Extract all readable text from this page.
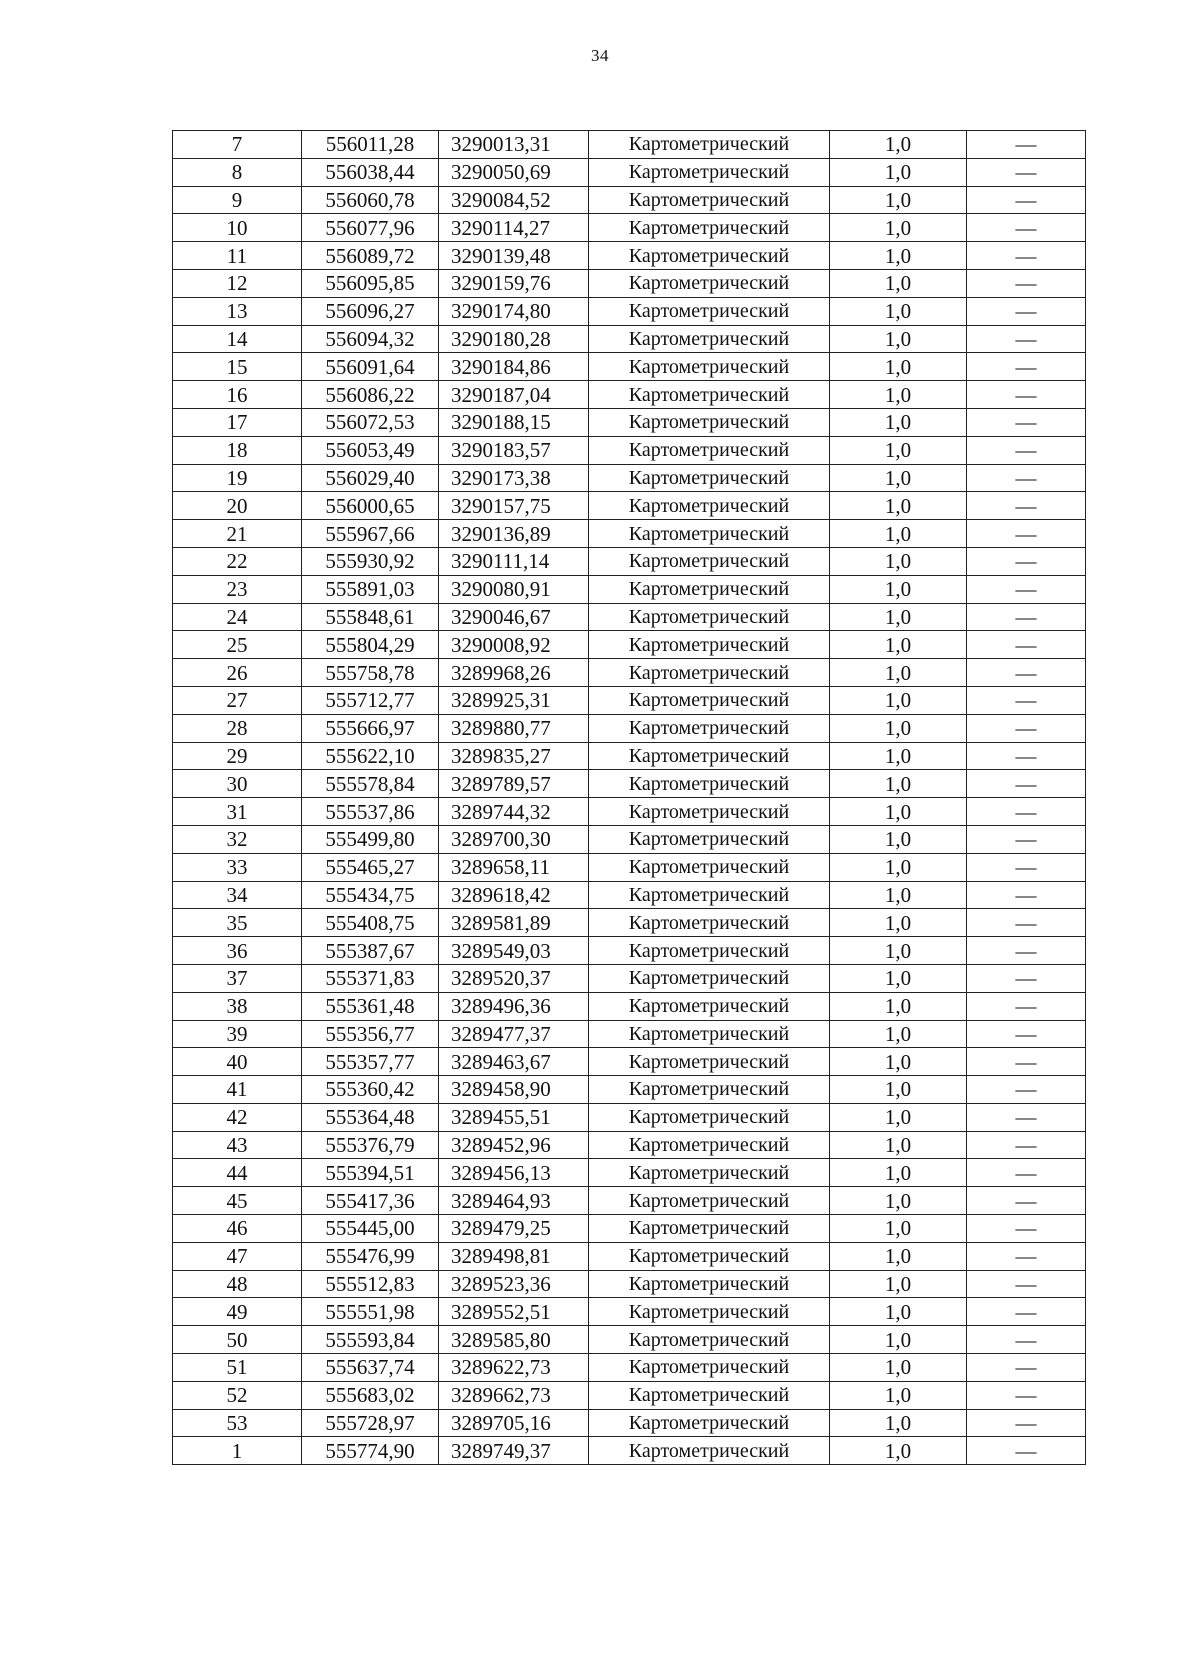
34
7	556011,28	3290013,31	Картометрический	1,0	—
8	556038,44	3290050,69	Картометрический	1,0	—
9	556060,78	3290084,52	Картометрический	1,0	—
10	556077,96	3290114,27	Картометрический	1,0	—
11	556089,72	3290139,48	Картометрический	1,0	—
12	556095,85	3290159,76	Картометрический	1,0	—
13	556096,27	3290174,80	Картометрический	1,0	—
14	556094,32	3290180,28	Картометрический	1,0	—
15	556091,64	3290184,86	Картометрический	1,0	—
16	556086,22	3290187,04	Картометрический	1,0	—
17	556072,53	3290188,15	Картометрический	1,0	—
18	556053,49	3290183,57	Картометрический	1,0	—
19	556029,40	3290173,38	Картометрический	1,0	—
20	556000,65	3290157,75	Картометрический	1,0	—
21	555967,66	3290136,89	Картометрический	1,0	—
22	555930,92	3290111,14	Картометрический	1,0	—
23	555891,03	3290080,91	Картометрический	1,0	—
24	555848,61	3290046,67	Картометрический	1,0	—
25	555804,29	3290008,92	Картометрический	1,0	—
26	555758,78	3289968,26	Картометрический	1,0	—
27	555712,77	3289925,31	Картометрический	1,0	—
28	555666,97	3289880,77	Картометрический	1,0	—
29	555622,10	3289835,27	Картометрический	1,0	—
30	555578,84	3289789,57	Картометрический	1,0	—
31	555537,86	3289744,32	Картометрический	1,0	—
32	555499,80	3289700,30	Картометрический	1,0	—
33	555465,27	3289658,11	Картометрический	1,0	—
34	555434,75	3289618,42	Картометрический	1,0	—
35	555408,75	3289581,89	Картометрический	1,0	—
36	555387,67	3289549,03	Картометрический	1,0	—
37	555371,83	3289520,37	Картометрический	1,0	—
38	555361,48	3289496,36	Картометрический	1,0	—
39	555356,77	3289477,37	Картометрический	1,0	—
40	555357,77	3289463,67	Картометрический	1,0	—
41	555360,42	3289458,90	Картометрический	1,0	—
42	555364,48	3289455,51	Картометрический	1,0	—
43	555376,79	3289452,96	Картометрический	1,0	—
44	555394,51	3289456,13	Картометрический	1,0	—
45	555417,36	3289464,93	Картометрический	1,0	—
46	555445,00	3289479,25	Картометрический	1,0	—
47	555476,99	3289498,81	Картометрический	1,0	—
48	555512,83	3289523,36	Картометрический	1,0	—
49	555551,98	3289552,51	Картометрический	1,0	—
50	555593,84	3289585,80	Картометрический	1,0	—
51	555637,74	3289622,73	Картометрический	1,0	—
52	555683,02	3289662,73	Картометрический	1,0	—
53	555728,97	3289705,16	Картометрический	1,0	—
1	555774,90	3289749,37	Картометрический	1,0	—
